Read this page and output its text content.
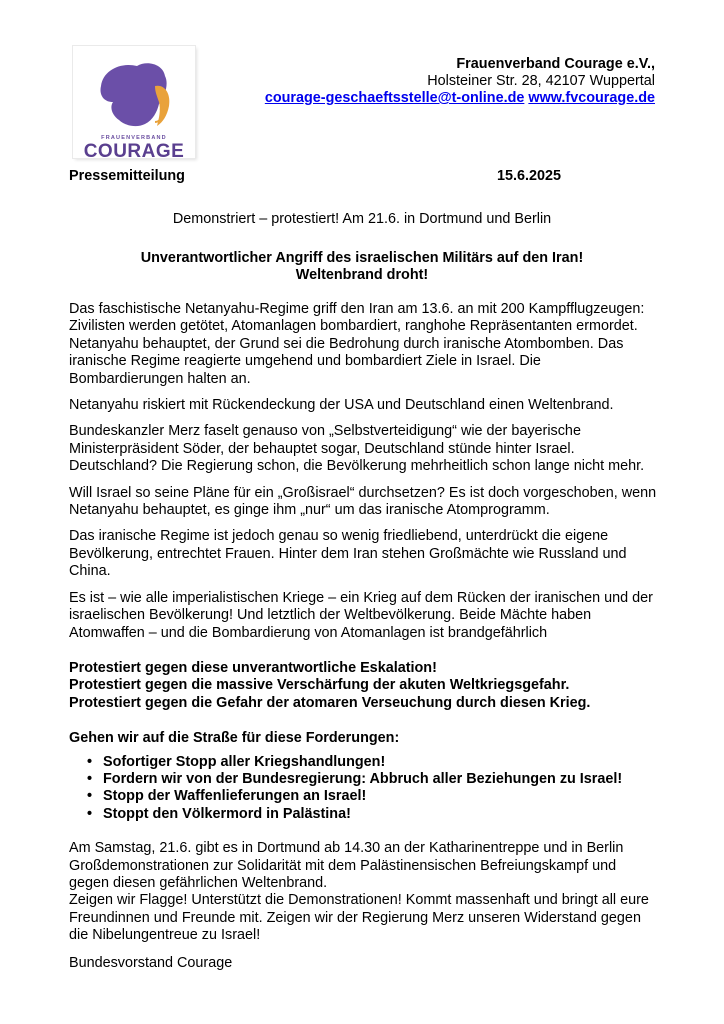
FRAUENVERBAND
COURAGE
Frauenverband Courage e.V.,
Holsteiner Str. 28, 42107 Wuppertal
courage-geschaeftsstelle@t-online.de www.fvcourage.de
Pressemitteilung	15.6.2025
Demonstriert – protestiert! Am 21.6. in Dortmund und Berlin
Unverantwortlicher Angriff des israelischen Militärs auf den Iran!
Weltenbrand droht!

Das faschistische Netanyahu-Regime griff den Iran am 13.6. an mit 200 Kampfflugzeugen: Zivilisten werden getötet, Atomanlagen bombardiert, ranghohe Repräsentanten ermordet. Netanyahu behauptet, der Grund sei die Bedrohung durch iranische Atombomben. Das iranische Regime reagierte umgehend und bombardiert Ziele in Israel. Die Bombardierungen halten an.

Netanyahu riskiert mit Rückendeckung der USA und Deutschland einen Weltenbrand.

Bundeskanzler Merz faselt genauso von „Selbstverteidigung“ wie der bayerische Ministerpräsident Söder, der behauptet sogar, Deutschland stünde hinter Israel. Deutschland? Die Regierung schon, die Bevölkerung mehrheitlich schon lange nicht mehr.

Will Israel so seine Pläne für ein „Großisrael“ durchsetzen? Es ist doch vorgeschoben, wenn Netanyahu behauptet, es ginge ihm „nur“ um das iranische Atomprogramm.

Das iranische Regime ist jedoch genau so wenig friedliebend, unterdrückt die eigene Bevölkerung, entrechtet Frauen. Hinter dem Iran stehen Großmächte wie Russland und China.

Es ist – wie alle imperialistischen Kriege – ein Krieg auf dem Rücken der iranischen und der israelischen Bevölkerung! Und letztlich der Weltbevölkerung. Beide Mächte haben Atomwaffen – und die Bombardierung von Atomanlagen ist brandgefährlich

Protestiert gegen diese unverantwortliche Eskalation!
Protestiert gegen die massive Verschärfung der akuten Weltkriegsgefahr.
Protestiert gegen die Gefahr der atomaren Verseuchung durch diesen Krieg.

Gehen wir auf die Straße für diese Forderungen:

• Sofortiger Stopp aller Kriegshandlungen!
• Fordern wir von der Bundesregierung: Abbruch aller Beziehungen zu Israel!
• Stopp der Waffenlieferungen an Israel!
• Stoppt den Völkermord in Palästina!
Am Samstag, 21.6. gibt es in Dortmund ab 14.30 an der Katharinentreppe und in Berlin Großdemonstrationen zur Solidarität mit dem Palästinensischen Befreiungskampf und gegen diesen gefährlichen Weltenbrand.
Zeigen wir Flagge! Unterstützt die Demonstrationen! Kommt massenhaft und bringt all eure Freundinnen und Freunde mit. Zeigen wir der Regierung Merz unseren Widerstand gegen die Nibelungentreue zu Israel!
Bundesvorstand Courage
